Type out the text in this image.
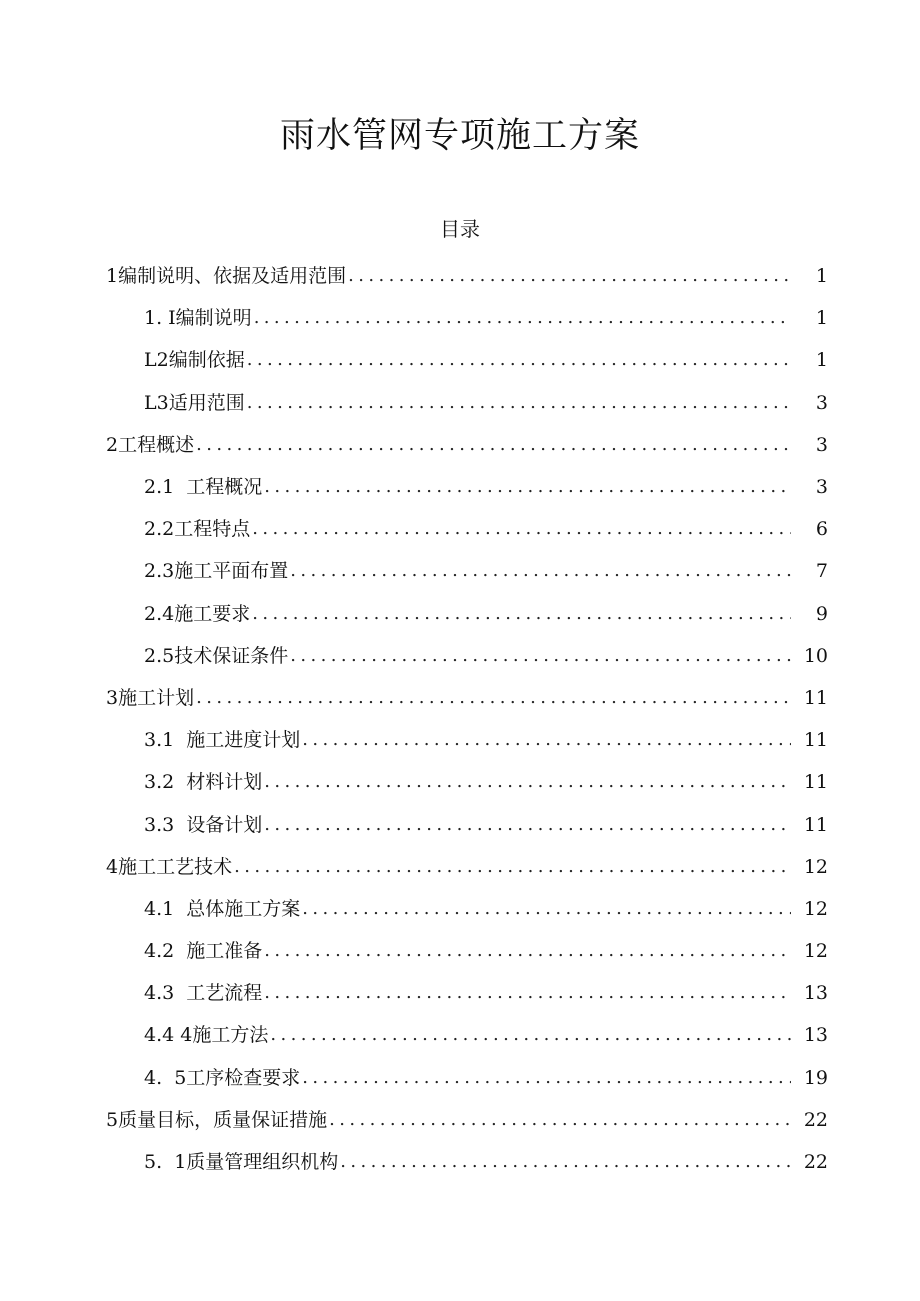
雨水管网专项施工方案
目录
1编制说明、依据及适用范围 .....	1
1. I编制说明 .....	1
L2编制依据 .....	1
L3适用范围 .....	3
2工程概述 .....	3
2.1  工程概况 .....	3
2.2工程特点 .....	6
2.3施工平面布置 .....	7
2.4施工要求 .....	9
2.5技术保证条件 .....	10
3施工计划 .....	11
3.1  施工进度计划 .....	11
3.2  材料计划 .....	11
3.3  设备计划 .....	11
4施工工艺技术 .....	12
4.1  总体施工方案 .....	12
4.2  施工准备 .....	12
4.3  工艺流程 .....	13
4.4 4施工方法 .....	13
4.  5工序检查要求 .....	19
5质量目标，质量保证措施 .....	22
5.  1质量管理组织机构 .....	22
